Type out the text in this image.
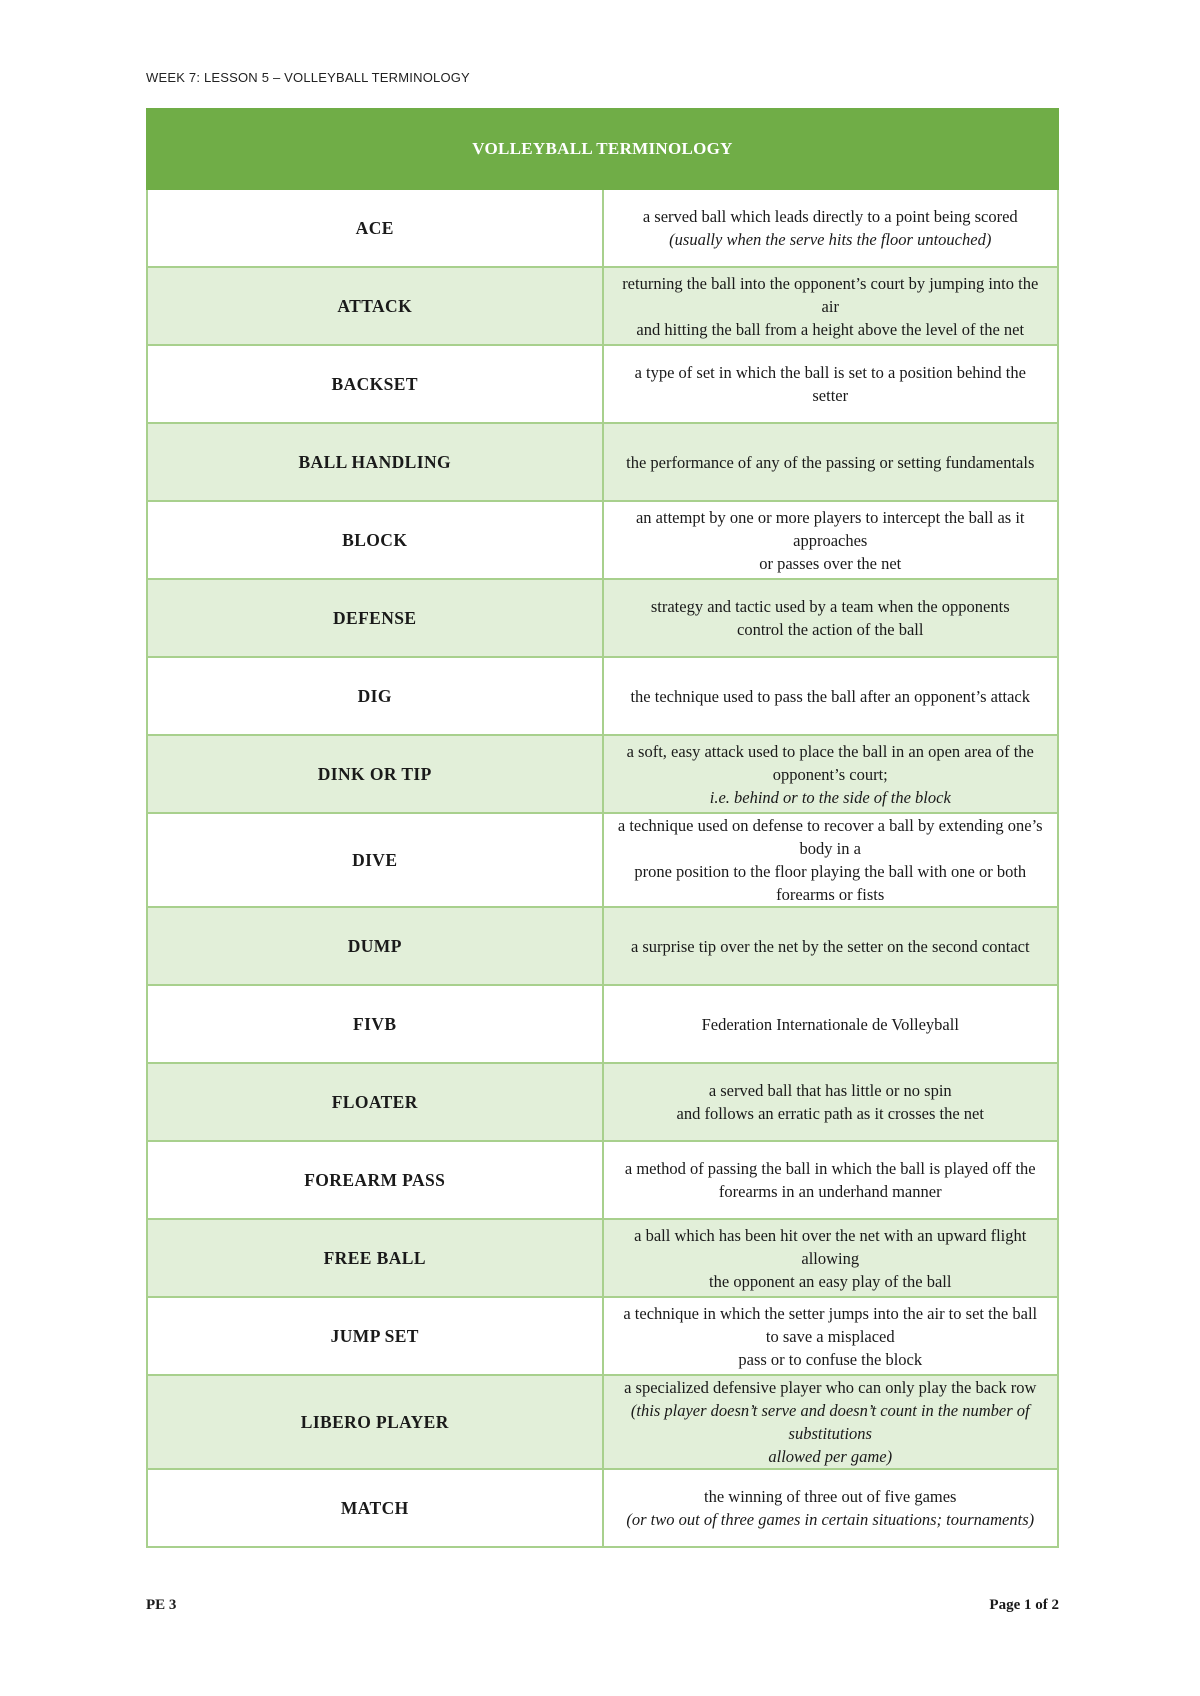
WEEK 7: LESSON 5 – VOLLEYBALL TERMINOLOGY
VOLLEYBALL TERMINOLOGY	
ACE	a served ball which leads directly to a point being scored
(usually when the serve hits the floor untouched)

ATTACK	returning the ball into the opponent’s court by jumping into the air
and hitting the ball from a height above the level of the net

BACKSET	a type of set in which the ball is set to a position behind the setter

BALL HANDLING	the performance of any of the passing or setting fundamentals

BLOCK	an attempt by one or more players to intercept the ball as it approaches
or passes over the net

DEFENSE	strategy and tactic used by a team when the opponents
control the action of the ball

DIG	the technique used to pass the ball after an opponent’s attack

DINK OR TIP	a soft, easy attack used to place the ball in an open area of the opponent’s court;
i.e. behind or to the side of the block

DIVE	a technique used on defense to recover a ball by extending one’s body in a
prone position to the floor playing the ball with one or both forearms or fists

DUMP	a surprise tip over the net by the setter on the second contact

FIVB	Federation Internationale de Volleyball

FLOATER	a served ball that has little or no spin
and follows an erratic path as it crosses the net

FOREARM PASS	a method of passing the ball in which the ball is played off the
forearms in an underhand manner

FREE BALL	a ball which has been hit over the net with an upward flight allowing
the opponent an easy play of the ball

JUMP SET	a technique in which the setter jumps into the air to set the ball to save a misplaced
pass or to confuse the block

LIBERO PLAYER	a specialized defensive player who can only play the back row
(this player doesn’t serve and doesn’t count in the number of substitutions
allowed per game)

MATCH	the winning of three out of five games
(or two out of three games in certain situations; tournaments)
PE 3	Page 1 of 2
